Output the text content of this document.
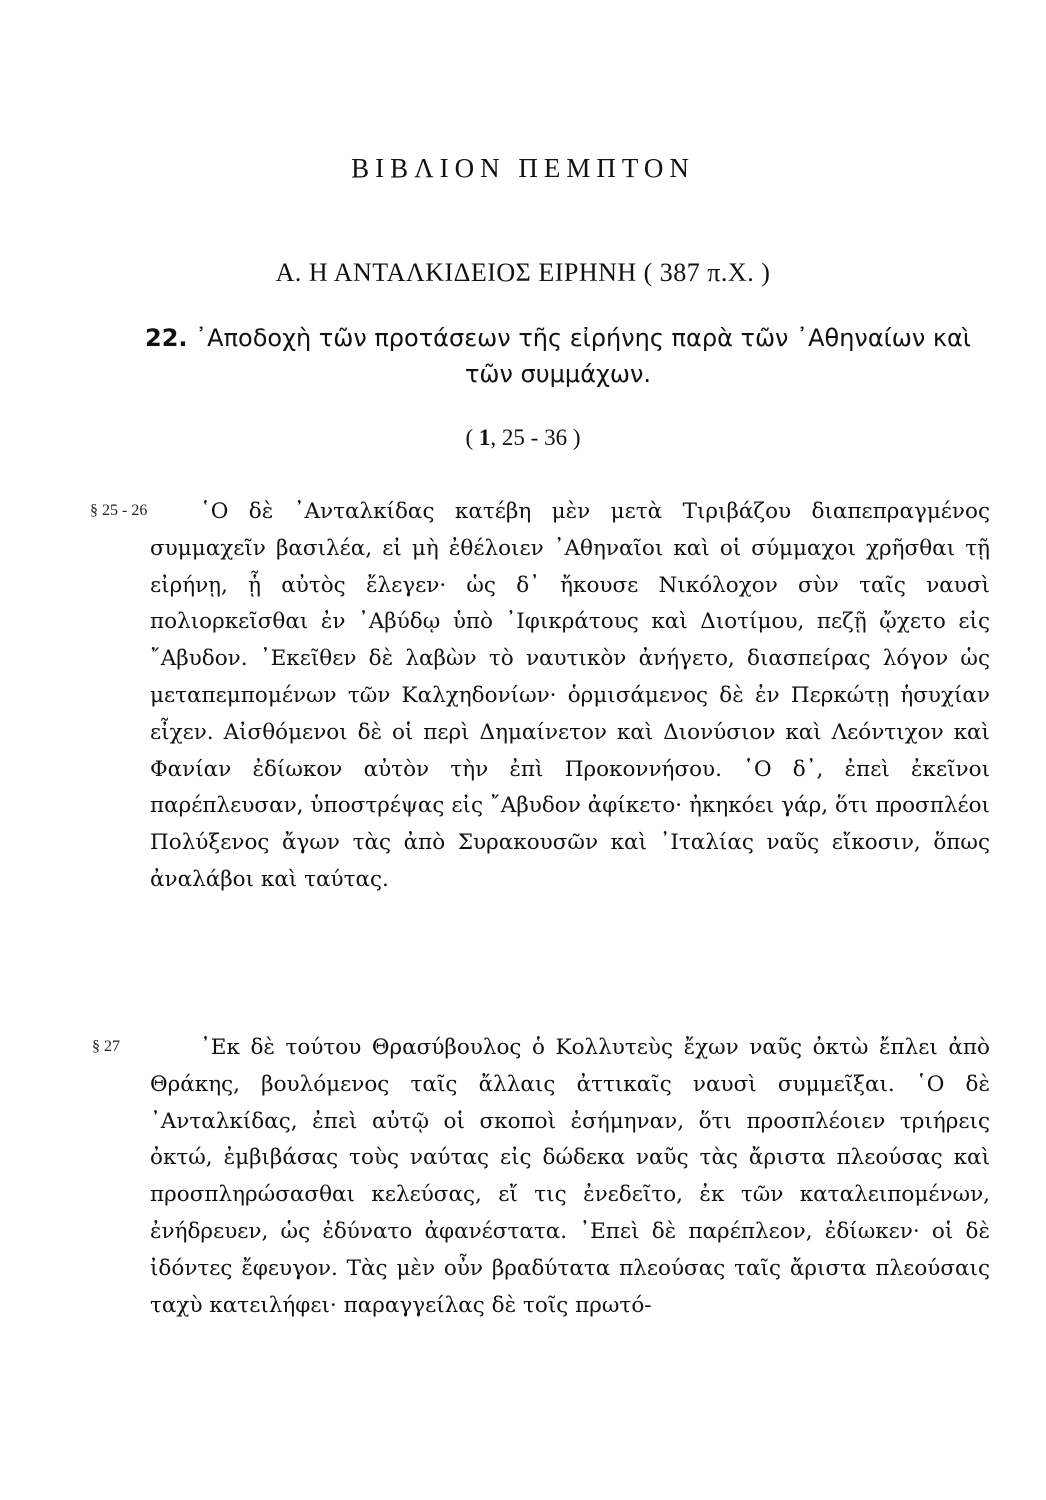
ΒΙΒΛΙΟΝ ΠΕΜΠΤΟΝ
Α. Η ΑΝΤΑΛΚΙΔΕΙΟΣ ΕΙΡΗΝΗ ( 387 π.Χ. )
22. ᾿Αποδοχὴ τῶν προτάσεων τῆς εἰρήνης παρὰ τῶν ᾿Αθηναίων καὶ τῶν συμμάχων.
( 1, 25 - 36 )
§ 25 - 26	῾Ο δὲ ᾿Ανταλκίδας κατέβη μὲν μετὰ Τιριβάζου διαπεπραγμένος συμμαχεῖν βασιλέα, εἰ μὴ ἐθέλοιεν ᾿Αθηναῖοι καὶ οἱ σύμμαχοι χρῆσθαι τῇ εἰρήνῃ, ᾗ αὐτὸς ἔλεγεν· ὡς δ᾿ ἤκουσε Νικόλοχον σὺν ταῖς ναυσὶ πολιορκεῖσθαι ἐν ᾿Αβύδῳ ὑπὸ ᾿Ιφικράτους καὶ Διοτίμου, πεζῇ ᾤχετο εἰς ῎Αβυδον. ᾿Εκεῖθεν δὲ λαβὼν τὸ ναυτικὸν ἀνήγετο, διασπείρας λόγον ὡς μεταπεμπομένων τῶν Καλχηδονίων· ὁρμισάμενος δὲ ἐν Περκώτῃ ἡσυχίαν εἶχεν. Αἰσθόμενοι δὲ οἱ περὶ Δημαίνετον καὶ Διονύσιον καὶ Λεόντιχον καὶ Φανίαν ἐδίωκον αὐτὸν τὴν ἐπὶ Προκοννήσου. ῾Ο δ᾿, ἐπεὶ ἐκεῖνοι παρέπλευσαν, ὑποστρέψας εἰς ῎Αβυδον ἀφίκετο· ἠκηκόει γάρ, ὅτι προσπλέοι Πολύξενος ἄγων τὰς ἀπὸ Συρακουσῶν καὶ ᾿Ιταλίας ναῦς εἴκοσιν, ὅπως ἀναλάβοι καὶ ταύτας.

§ 27	᾿Εκ δὲ τούτου Θρασύβουλος ὁ Κολλυτεὺς ἔχων ναῦς ὀκτὼ ἔπλει ἀπὸ Θράκης, βουλόμενος ταῖς ἄλλαις ἀττικαῖς ναυσὶ συμμεῖξαι. ῾Ο δὲ ᾿Ανταλκίδας, ἐπεὶ αὐτῷ οἱ σκοποὶ ἐσήμηναν, ὅτι προσπλέοιεν τριήρεις ὀκτώ, ἐμβιβάσας τοὺς ναύτας εἰς δώδεκα ναῦς τὰς ἄριστα πλεούσας καὶ προσπληρώσασθαι κελεύσας, εἴ τις ἐνεδεῖτο, ἐκ τῶν καταλειπομένων, ἐνήδρευεν, ὡς ἐδύνατο ἀφανέστατα. ᾿Επεὶ δὲ παρέπλεον, ἐδίωκεν· οἱ δὲ ἰδόντες ἔφευγον. Τὰς μὲν οὖν βραδύτατα πλεούσας ταῖς ἄριστα πλεούσαις ταχὺ κατειλήφει· παραγγείλας δὲ τοῖς πρωτό-
